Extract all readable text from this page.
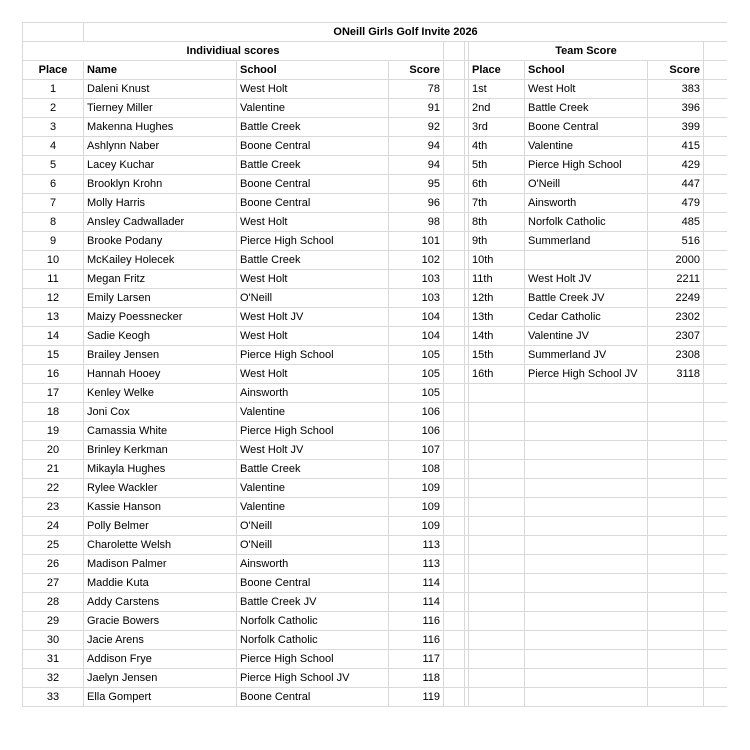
	ONeill Girls Golf Invite 2026								
Individiual scores						Team Score			
Place	Name	School	Score			Place	School	Score	
1	Daleni Knust	West Holt	78			1st	West Holt	383	
2	Tierney Miller	Valentine	91			2nd	Battle Creek	396	
3	Makenna Hughes	Battle Creek	92			3rd	Boone Central	399	
4	Ashlynn Naber	Boone Central	94			4th	Valentine	415	
5	Lacey Kuchar	Battle Creek	94			5th	Pierce High School	429	
6	Brooklyn Krohn	Boone Central	95			6th	O'Neill	447	
7	Molly Harris	Boone Central	96			7th	Ainsworth	479	
8	Ansley Cadwallader	West Holt	98			8th	Norfolk Catholic	485	
9	Brooke Podany	Pierce High School	101			9th	Summerland	516	
10	McKailey Holecek	Battle Creek	102			10th		2000	
11	Megan Fritz	West Holt	103			11th	West Holt JV	2211	
12	Emily Larsen	O'Neill	103			12th	Battle Creek JV	2249	
13	Maizy Poessnecker	West Holt JV	104			13th	Cedar Catholic	2302	
14	Sadie Keogh	West Holt	104			14th	Valentine JV	2307	
15	Brailey Jensen	Pierce High School	105			15th	Summerland JV	2308	
16	Hannah Hooey	West Holt	105			16th	Pierce High School JV	3118	
17	Kenley Welke	Ainsworth	105						
18	Joni Cox	Valentine	106						
19	Camassia White	Pierce High School	106						
20	Brinley Kerkman	West Holt JV	107						
21	Mikayla Hughes	Battle Creek	108						
22	Rylee Wackler	Valentine	109						
23	Kassie Hanson	Valentine	109						
24	Polly Belmer	O'Neill	109						
25	Charolette Welsh	O'Neill	113						
26	Madison Palmer	Ainsworth	113						
27	Maddie Kuta	Boone Central	114						
28	Addy Carstens	Battle Creek JV	114						
29	Gracie Bowers	Norfolk Catholic	116						
30	Jacie Arens	Norfolk Catholic	116						
31	Addison Frye	Pierce High School	117						
32	Jaelyn Jensen	Pierce High School JV	118						
33	Ella Gompert	Boone Central	119						
